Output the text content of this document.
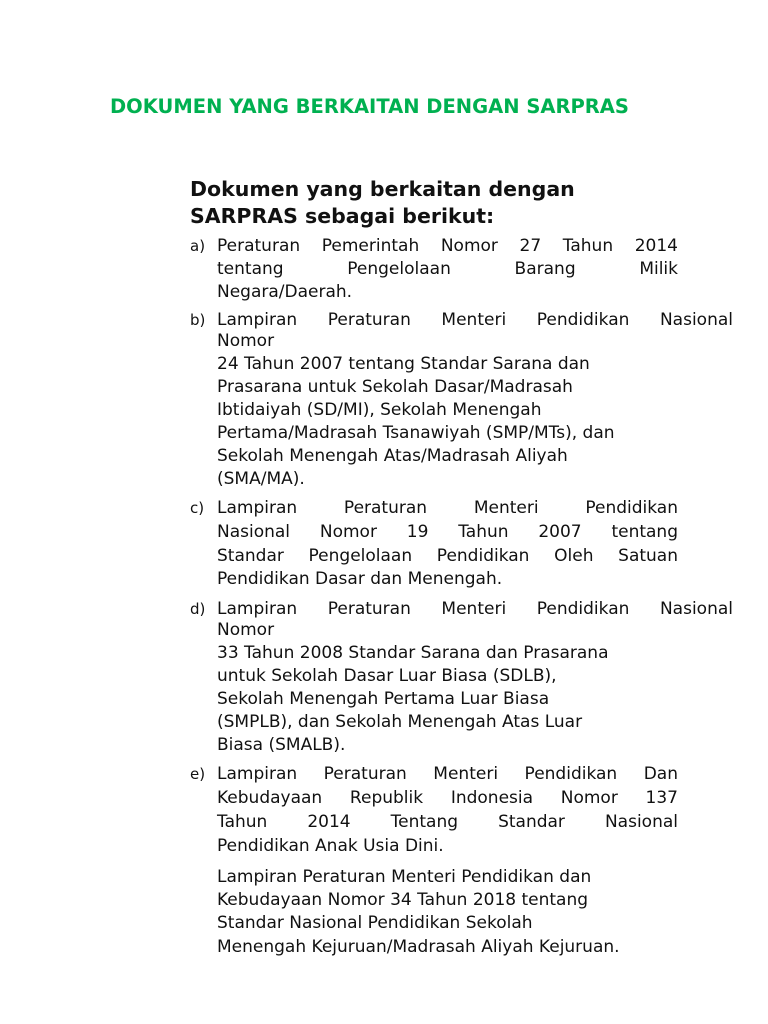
DOKUMEN YANG BERKAITAN DENGAN SARPRAS
Dokumen yang berkaitan dengan
SARPRAS sebagai berikut:
a) Peraturan Pemerintah Nomor 27 Tahun 2014
tentang Pengelolaan Barang Milik
Negara/Daerah.
b) Lampiran Peraturan Menteri Pendidikan Nasional
Nomor
24 Tahun 2007 tentang Standar Sarana dan
Prasarana untuk Sekolah Dasar/Madrasah
Ibtidaiyah (SD/MI), Sekolah Menengah
Pertama/Madrasah Tsanawiyah (SMP/MTs), dan
Sekolah Menengah Atas/Madrasah Aliyah
(SMA/MA).
c) Lampiran Peraturan Menteri Pendidikan
Nasional Nomor 19 Tahun 2007 tentang
Standar Pengelolaan Pendidikan Oleh Satuan
Pendidikan Dasar dan Menengah.
d) Lampiran Peraturan Menteri Pendidikan Nasional
Nomor
33 Tahun 2008 Standar Sarana dan Prasarana
untuk Sekolah Dasar Luar Biasa (SDLB),
Sekolah Menengah Pertama Luar Biasa
(SMPLB), dan Sekolah Menengah Atas Luar
Biasa (SMALB).
e) Lampiran Peraturan Menteri Pendidikan Dan
Kebudayaan Republik Indonesia Nomor 137
Tahun 2014 Tentang Standar Nasional
Pendidikan Anak Usia Dini.
Lampiran Peraturan Menteri Pendidikan dan
Kebudayaan Nomor 34 Tahun 2018 tentang
Standar Nasional Pendidikan Sekolah
Menengah Kejuruan/Madrasah Aliyah Kejuruan.
